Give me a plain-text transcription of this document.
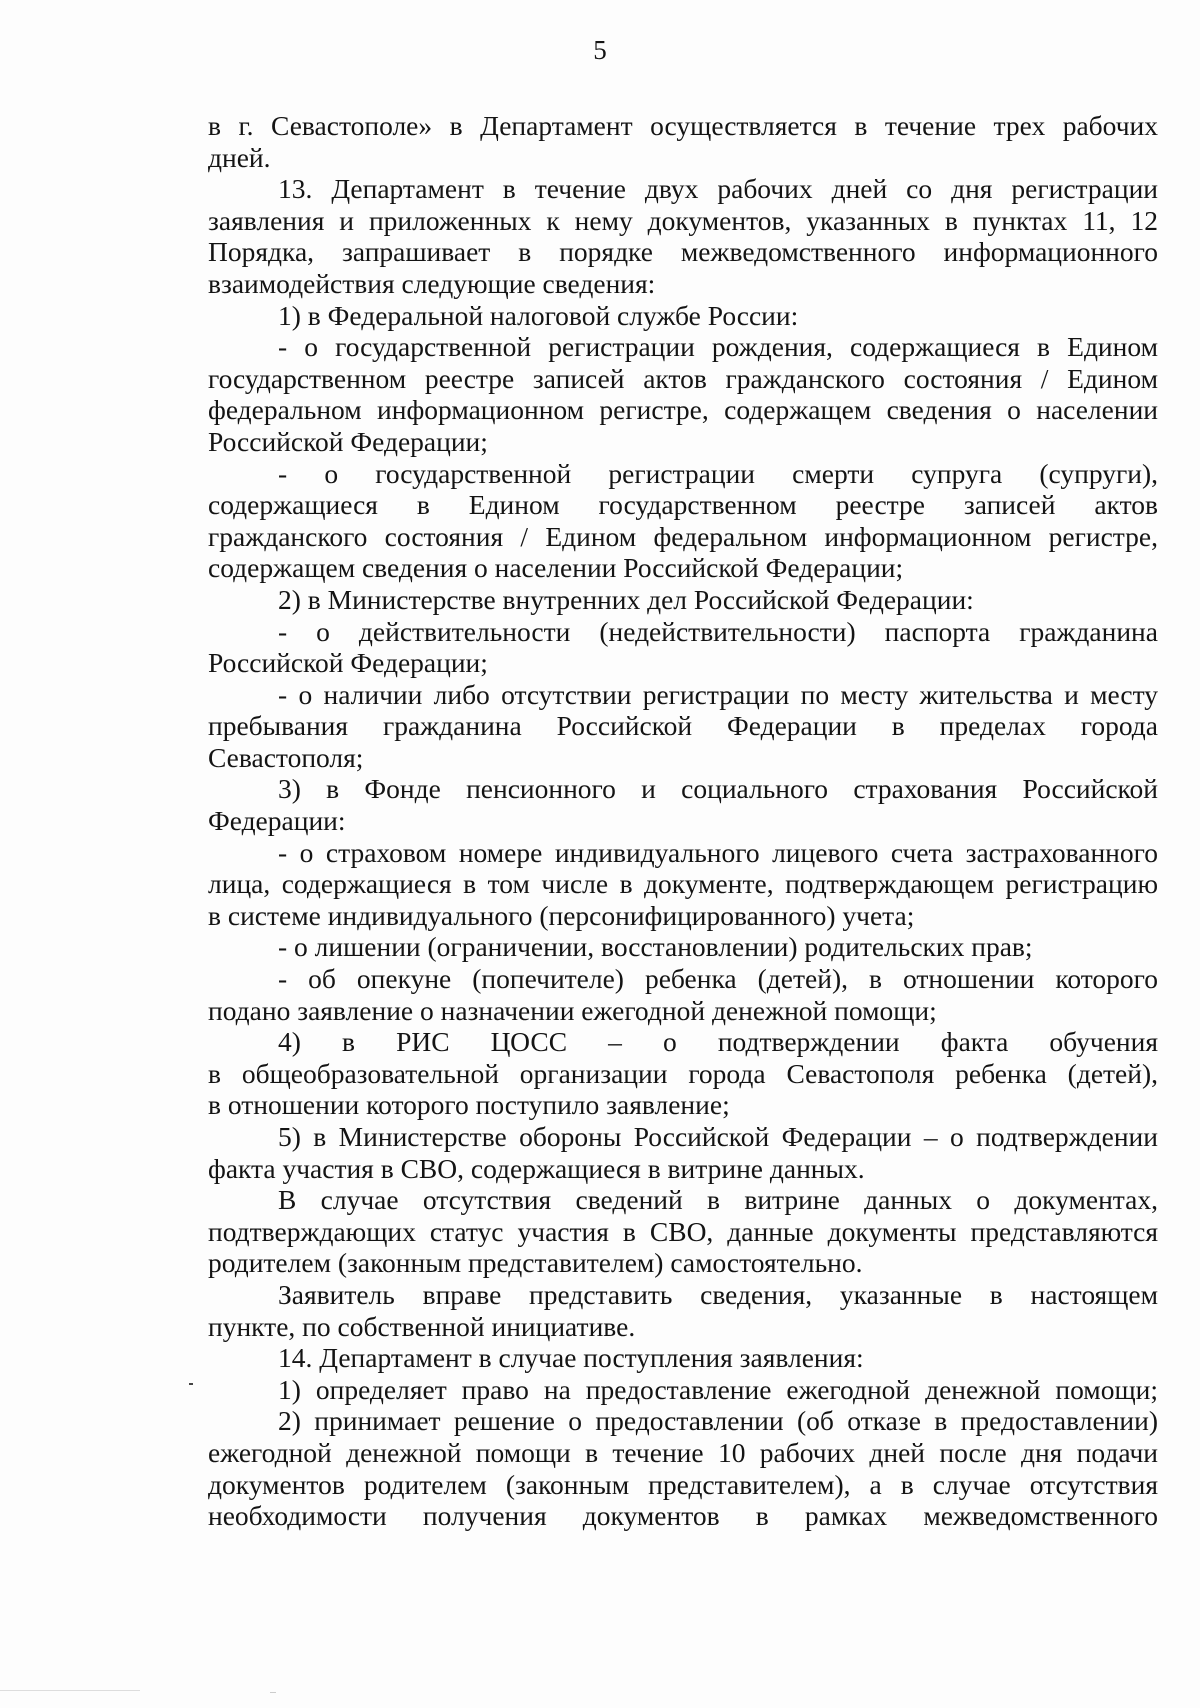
5
в г. Севастополе» в Департамент осуществляется в течение трех рабочих
дней.
13. Департамент в течение двух рабочих дней со дня регистрации
заявления и приложенных к нему документов, указанных в пунктах 11, 12
Порядка, запрашивает в порядке межведомственного информационного
взаимодействия следующие сведения:
1) в Федеральной налоговой службе России:
- о государственной регистрации рождения, содержащиеся в Едином
государственном реестре записей актов гражданского состояния / Едином
федеральном информационном регистре, содержащем сведения о населении
Российской Федерации;
- о государственной регистрации смерти супруга (супруги),
содержащиеся в Едином государственном реестре записей актов
гражданского состояния / Едином федеральном информационном регистре,
содержащем сведения о населении Российской Федерации;
2) в Министерстве внутренних дел Российской Федерации:
- о действительности (недействительности) паспорта гражданина
Российской Федерации;
- о наличии либо отсутствии регистрации по месту жительства и месту
пребывания гражданина Российской Федерации в пределах города
Севастополя;
3) в Фонде пенсионного и социального страхования Российской
Федерации:
- о страховом номере индивидуального лицевого счета застрахованного
лица, содержащиеся в том числе в документе, подтверждающем регистрацию
в системе индивидуального (персонифицированного) учета;
- о лишении (ограничении, восстановлении) родительских прав;
- об опекуне (попечителе) ребенка (детей), в отношении которого
подано заявление о назначении ежегодной денежной помощи;
4) в РИС ЦОСС – о подтверждении факта обучения
в общеобразовательной организации города Севастополя ребенка (детей),
в отношении которого поступило заявление;
5) в Министерстве обороны Российской Федерации – о подтверждении
факта участия в СВО, содержащиеся в витрине данных.
В случае отсутствия сведений в витрине данных о документах,
подтверждающих статус участия в СВО, данные документы представляются
родителем (законным представителем) самостоятельно.
Заявитель вправе представить сведения, указанные в настоящем
пункте, по собственной инициативе.
14. Департамент в случае поступления заявления:
1) определяет право на предоставление ежегодной денежной помощи;
2) принимает решение о предоставлении (об отказе в предоставлении)
ежегодной денежной помощи в течение 10 рабочих дней после дня подачи
документов родителем (законным представителем), а в случае отсутствия
необходимости получения документов в рамках межведомственного
